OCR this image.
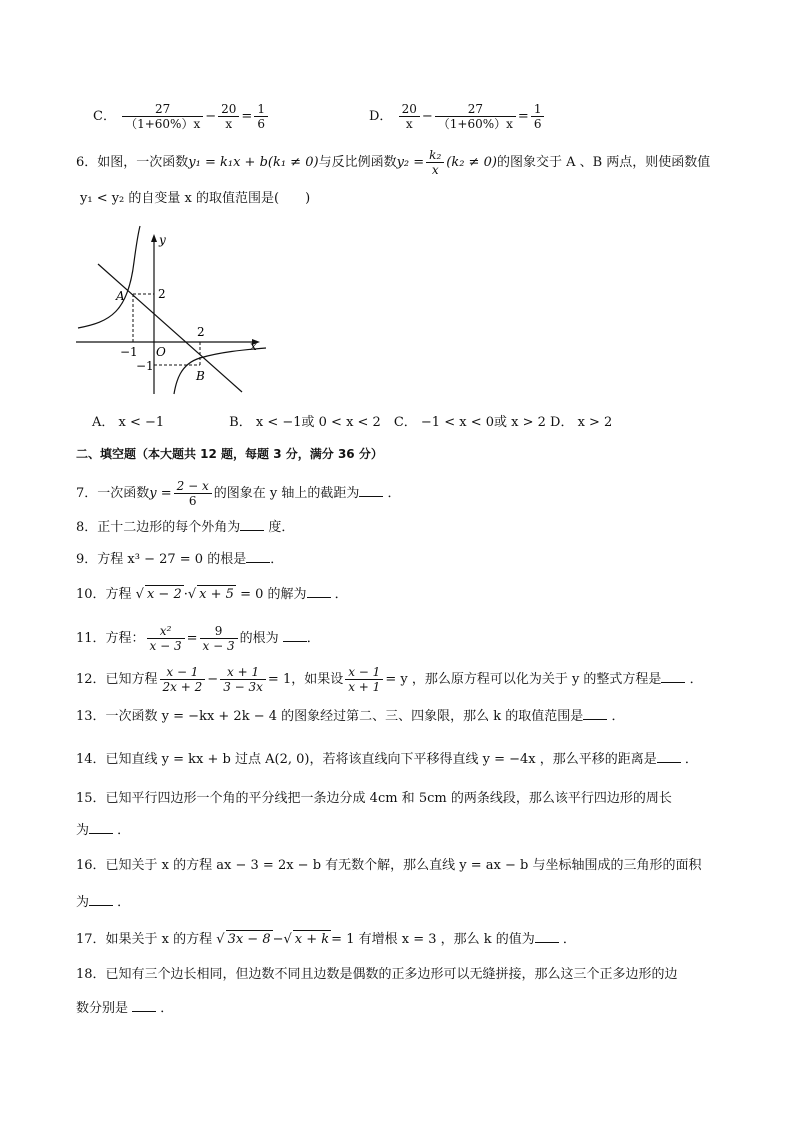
C． $\frac{27}{(1+60\%)x} - \frac{20}{x} = \frac{1}{6}$	D． $\frac{20}{x} - \frac{27}{(1+60\%)x} = \frac{1}{6}$
6．如图，一次函数y₁ = k₁x + b(k₁ ≠ 0)与反比例函数$y_2 = \frac{\text{k₂}}{x} (k_2 \ne 0)$的图象交于 A 、B 两点，则使函数值
y₁ < y₂ 的自变量 x 的取值范围是(　　)
y
x
A
B
O
2
2
−1
−1
A． x < −1　　　　　B． x < −1或 0 < x < 2　C． −1 < x < 0或 x > 2 D． x > 2
二、填空题（本大题共 12 题，每题 3 分，满分 36 分）
7．一次函数$y = \frac{2 - x}{6}$ 的图象在 y 轴上的截距为 ．
8．正十二边形的每个外角为 度．
9．方程 x³ − 27 = 0 的根是 ．
10．方程 √ x − 2 ·√ x + 5 = 0 的解为 ．
11．方程： $\frac{\text{x²}}{x - 3} = \frac{9}{x - 3}$ 的根为 ．
12．已知方程 $\frac{x - 1}{2x + 2} - \frac{x + 1}{3 - 3x} = 1$，如果设 $\frac{x - 1}{x + 1} = y$ ，那么原方程可以化为关于 y 的整式方程是 ．
13．一次函数 y = −kx + 2k − 4 的图象经过第二、三、四象限，那么 k 的取值范围是 ．
14．已知直线 y = kx + b 过点 A(2, 0)，若将该直线向下平移得直线 y = −4x ，那么平移的距离是 ．
15．已知平行四边形一个角的平分线把一条边分成 4cm 和 5cm 的两条线段，那么该平行四边形的周长
为 ．
16．已知关于 x 的方程 ax − 3 = 2x − b 有无数个解，那么直线 y = ax − b 与坐标轴围成的三角形的面积
为 ．
17．如果关于 x 的方程 √ 3x − 8 −√ x + k = 1 有增根 x = 3 ，那么 k 的值为 ．
18．已知有三个边长相同，但边数不同且边数是偶数的正多边形可以无缝拼接，那么这三个正多边形的边
数分别是 ．
